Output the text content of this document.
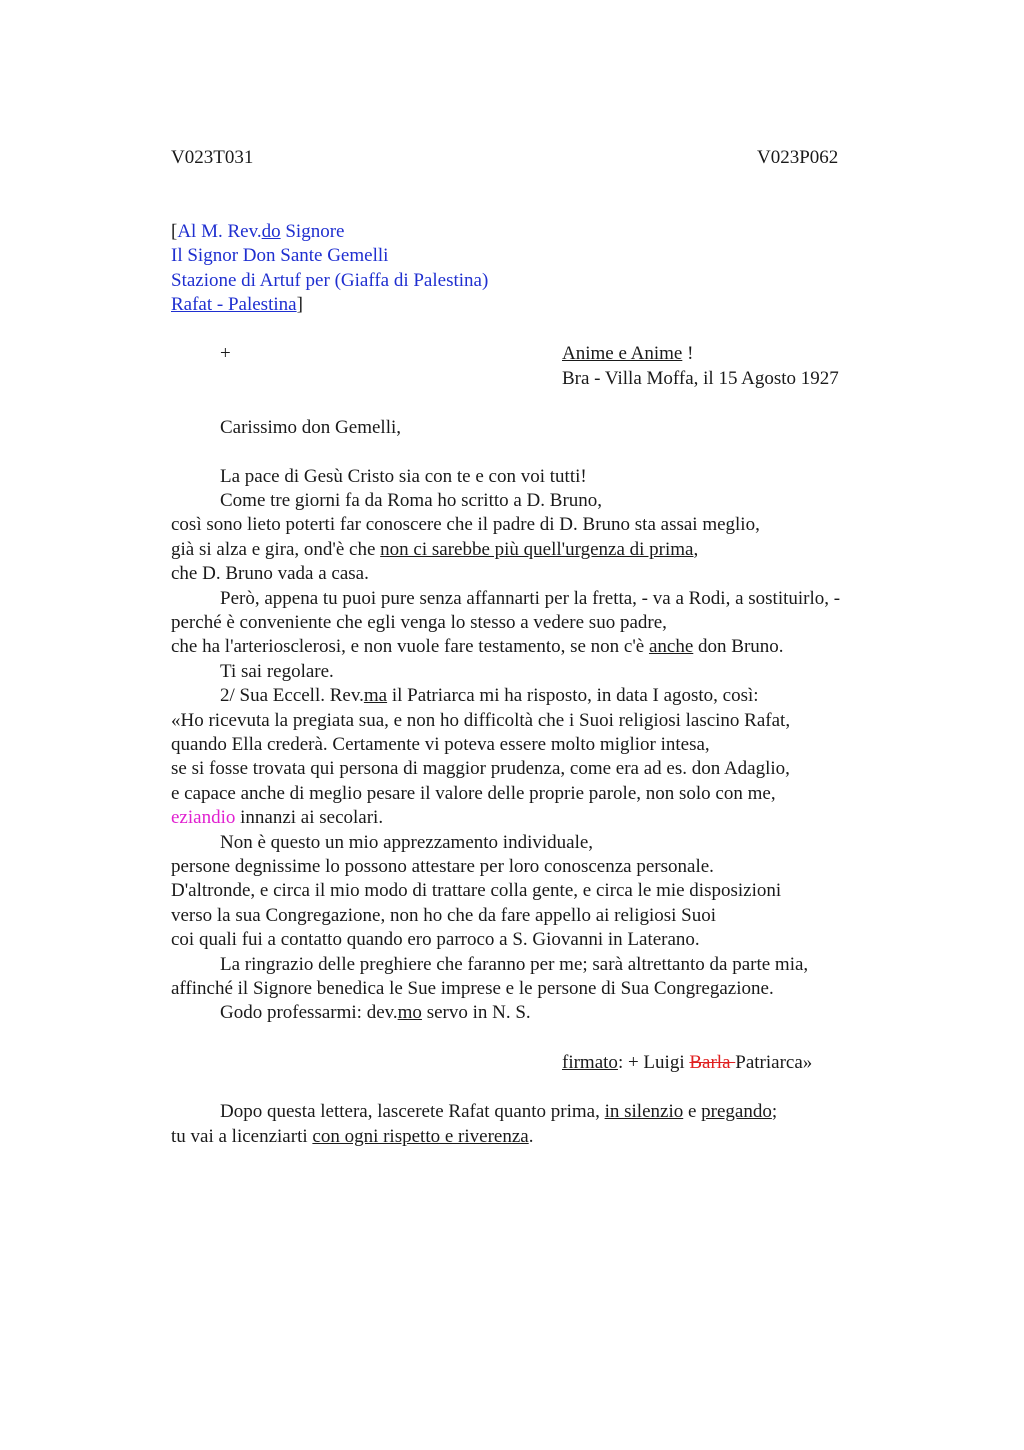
V023T031	V023P062
[Al M. Rev.do Signore
Il Signor Don Sante Gemelli
Stazione di Artuf per (Giaffa di Palestina)
Rafat - Palestina]
+	Anime e Anime !
Bra - Villa Moffa, il 15 Agosto 1927
Carissimo don Gemelli,
La pace di Gesù Cristo sia con te e con voi tutti!
Come tre giorni fa da Roma ho scritto a D. Bruno,
così sono lieto poterti far conoscere che il padre di D. Bruno sta assai meglio,
già si alza e gira, ond'è che non ci sarebbe più quell'urgenza di prima,
che D. Bruno vada a casa.
Però, appena tu puoi pure senza affannarti per la fretta, - va a Rodi, a sostituirlo, -
perché è conveniente che egli venga lo stesso a vedere suo padre,
che ha l'arteriosclerosi, e non vuole fare testamento, se non c'è anche don Bruno.
Ti sai regolare.
2/ Sua Eccell. Rev.ma il Patriarca mi ha risposto, in data I agosto, così:
«Ho ricevuta la pregiata sua, e non ho difficoltà che i Suoi religiosi lascino Rafat,
quando Ella crederà. Certamente vi poteva essere molto miglior intesa,
se si fosse trovata qui persona di maggior prudenza, come era ad es. don Adaglio,
e capace anche di meglio pesare il valore delle proprie parole, non solo con me,
eziandio innanzi ai secolari.
Non è questo un mio apprezzamento individuale,
persone degnissime lo possono attestare per loro conoscenza personale.
D'altronde, e circa il mio modo di trattare colla gente, e circa le mie disposizioni
verso la sua Congregazione, non ho che da fare appello ai religiosi Suoi
coi quali fui a contatto quando ero parroco a S. Giovanni in Laterano.
La ringrazio delle preghiere che faranno per me; sarà altrettanto da parte mia,
affinché il Signore benedica le Sue imprese e le persone di Sua Congregazione.
Godo professarmi: dev.mo servo in N. S.
firmato: + Luigi Barla Patriarca»
Dopo questa lettera, lascerete Rafat quanto prima, in silenzio e pregando;
tu vai a licenziarti con ogni rispetto e riverenza.
